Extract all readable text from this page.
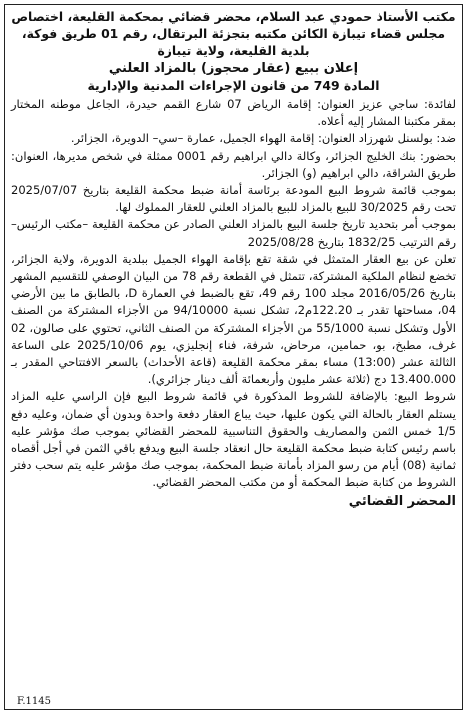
مكتب الأستاذ حمودي عبد السلام، محضر قضائي بمحكمة القليعة، اختصاص مجلس قضاء تيبازة الكائن مكتبه بتجزئة البرتقال، رقم 01 طريق فوكة، بلدية القليعة، ولاية تيبازة

إعلان ببيع (عقار محجوز) بالمزاد العلني

المادة 749 من قانون الإجراءات المدنية والإدارية

لفائدة: ساجي عزيز العنوان: إقامة الرياض 07 شارع القمم حيدرة، الجاعل موطنه المختار بمقر مكتبنا المشار إليه أعلاه.

ضد: بولسنل شهرزاد العنوان: إقامة الهواء الجميل، عمارة –سي– الدويرة، الجزائر.

بحضور: بنك الخليج الجزائر، وكالة دالي ابراهيم رقم 0001 ممثلة في شخص مديرها، العنوان: طريق الشراقة، دالي ابراهيم (و) الجزائر.

بموجب قائمة شروط البيع المودعة برئاسة أمانة ضبط محكمة القليعة بتاريخ 2025/07/07 تحت رقم 30/2025 للبيع بالمزاد للبيع بالمزاد العلني للعقار المملوك لها.

بموجب أمر بتحديد تاريخ جلسة البيع بالمزاد العلني الصادر عن محكمة القليعة –مكتب الرئيس– رقم الترتيب 1832/25 بتاريخ 2025/08/28

تعلن عن بيع العقار المتمثل في شقة تقع بإقامة الهواء الجميل ببلدية الدويرة، ولاية الجزائر، تخضع لنظام الملكية المشتركة، تتمثل في القطعة رقم 78 من البيان الوصفي للتقسيم المشهر بتاريخ 2016/05/26 مجلد 100 رقم 49، تقع بالضبط في العمارة D، بالطابق ما بين الأرضي 04، مساحتها تقدر بـ 122.20م2، تشكل نسبة 94/10000 من الأجزاء المشتركة من الصنف الأول وتشكل نسبة 55/1000 من الأجزاء المشتركة من الصنف الثاني، تحتوي على صالون، 02 غرف، مطبخ، بو، حمامين، مرحاض، شرفة، فناء إنجليزي، يوم 2025/10/06 على الساعة الثالثة عشر (13:00) مساء بمقر محكمة القليعة (قاعة الأحداث) بالسعر الافتتاحي المقدر بـ 13.400.000 دج (ثلاثة عشر مليون وأربعمائة ألف دينار جزائري).

شروط البيع: بالإضافة للشروط المذكورة في قائمة شروط البيع فإن الراسي عليه المزاد يستلم العقار بالحالة التي يكون عليها، حيث يباع العقار دفعة واحدة وبدون أي ضمان، وعليه دفع 1/5 خمس الثمن والمصاريف والحقوق التناسبية للمحضر القضائي بموجب صك مؤشر عليه باسم رئيس كتابة ضبط محكمة القليعة حال انعقاد جلسة البيع ويدفع باقي الثمن في أجل أقصاه ثمانية (08) أيام من رسو المزاد بأمانة ضبط المحكمة، بموجب صك مؤشر عليه يتم سحب دفتر الشروط من كتابة ضبط المحكمة أو من مكتب المحضر القضائي.

المحضر القضائي

F.1145
